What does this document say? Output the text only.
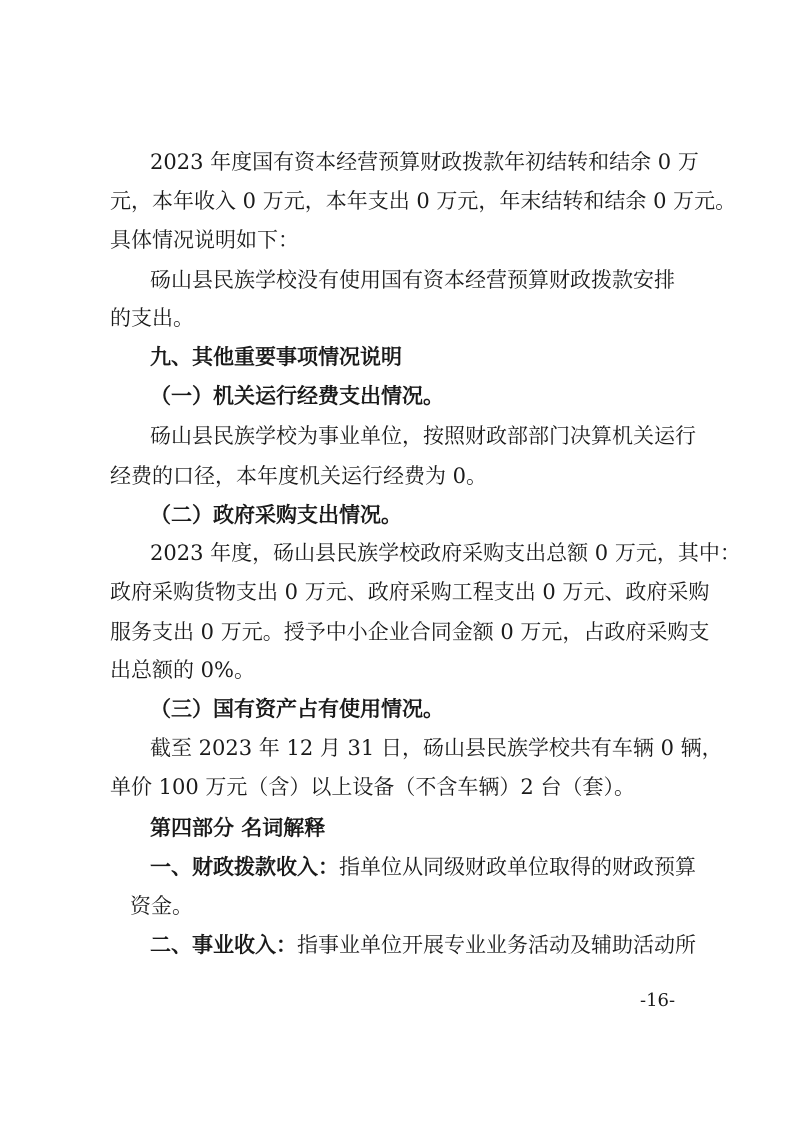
2023 年度国有资本经营预算财政拨款年初结转和结余 0 万
元，本年收入 0 万元，本年支出 0 万元，年末结转和结余 0 万元。
具体情况说明如下：
砀山县民族学校没有使用国有资本经营预算财政拨款安排
的支出。
九、其他重要事项情况说明
（一）机关运行经费支出情况。
砀山县民族学校为事业单位，按照财政部部门决算机关运行
经费的口径，本年度机关运行经费为 0。
（二）政府采购支出情况。
2023 年度，砀山县民族学校政府采购支出总额 0 万元，其中：
政府采购货物支出 0 万元、政府采购工程支出 0 万元、政府采购
服务支出 0 万元。授予中小企业合同金额 0 万元，占政府采购支
出总额的 0%。
（三）国有资产占有使用情况。
截至 2023 年 12 月 31 日，砀山县民族学校共有车辆 0 辆，
单价 100 万元（含）以上设备（不含车辆）2 台（套）。
第四部分 名词解释
一、财政拨款收入：指单位从同级财政单位取得的财政预算
资金。
二、事业收入：指事业单位开展专业业务活动及辅助活动所
-16-
